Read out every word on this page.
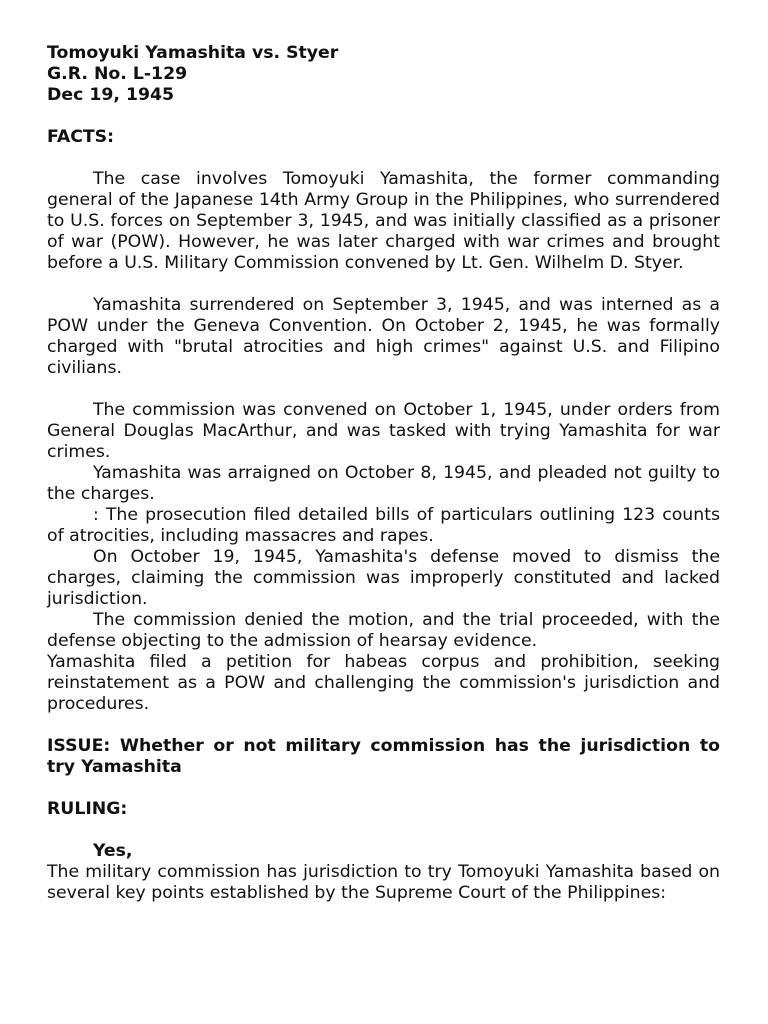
Tomoyuki Yamashita vs. Styer

G.R. No. L-129

Dec 19, 1945

FACTS:

The case involves Tomoyuki Yamashita, the former commanding general of the Japanese 14th Army Group in the Philippines, who surrendered to U.S. forces on September 3, 1945, and was initially classified as a prisoner of war (POW). However, he was later charged with war crimes and brought before a U.S. Military Commission convened by Lt. Gen. Wilhelm D. Styer.

Yamashita surrendered on September 3, 1945, and was interned as a POW under the Geneva Convention. On October 2, 1945, he was formally charged with "brutal atrocities and high crimes" against U.S. and Filipino civilians.

The commission was convened on October 1, 1945, under orders from General Douglas MacArthur, and was tasked with trying Yamashita for war crimes.

Yamashita was arraigned on October 8, 1945, and pleaded not guilty to the charges.

: The prosecution filed detailed bills of particulars outlining 123 counts of atrocities, including massacres and rapes.

On October 19, 1945, Yamashita's defense moved to dismiss the charges, claiming the commission was improperly constituted and lacked jurisdiction.

The commission denied the motion, and the trial proceeded, with the defense objecting to the admission of hearsay evidence.

Yamashita filed a petition for habeas corpus and prohibition, seeking reinstatement as a POW and challenging the commission's jurisdiction and procedures.

ISSUE: Whether or not military commission has the jurisdiction to try Yamashita

RULING:

Yes,

The military commission has jurisdiction to try Tomoyuki Yamashita based on several key points established by the Supreme Court of the Philippines:
